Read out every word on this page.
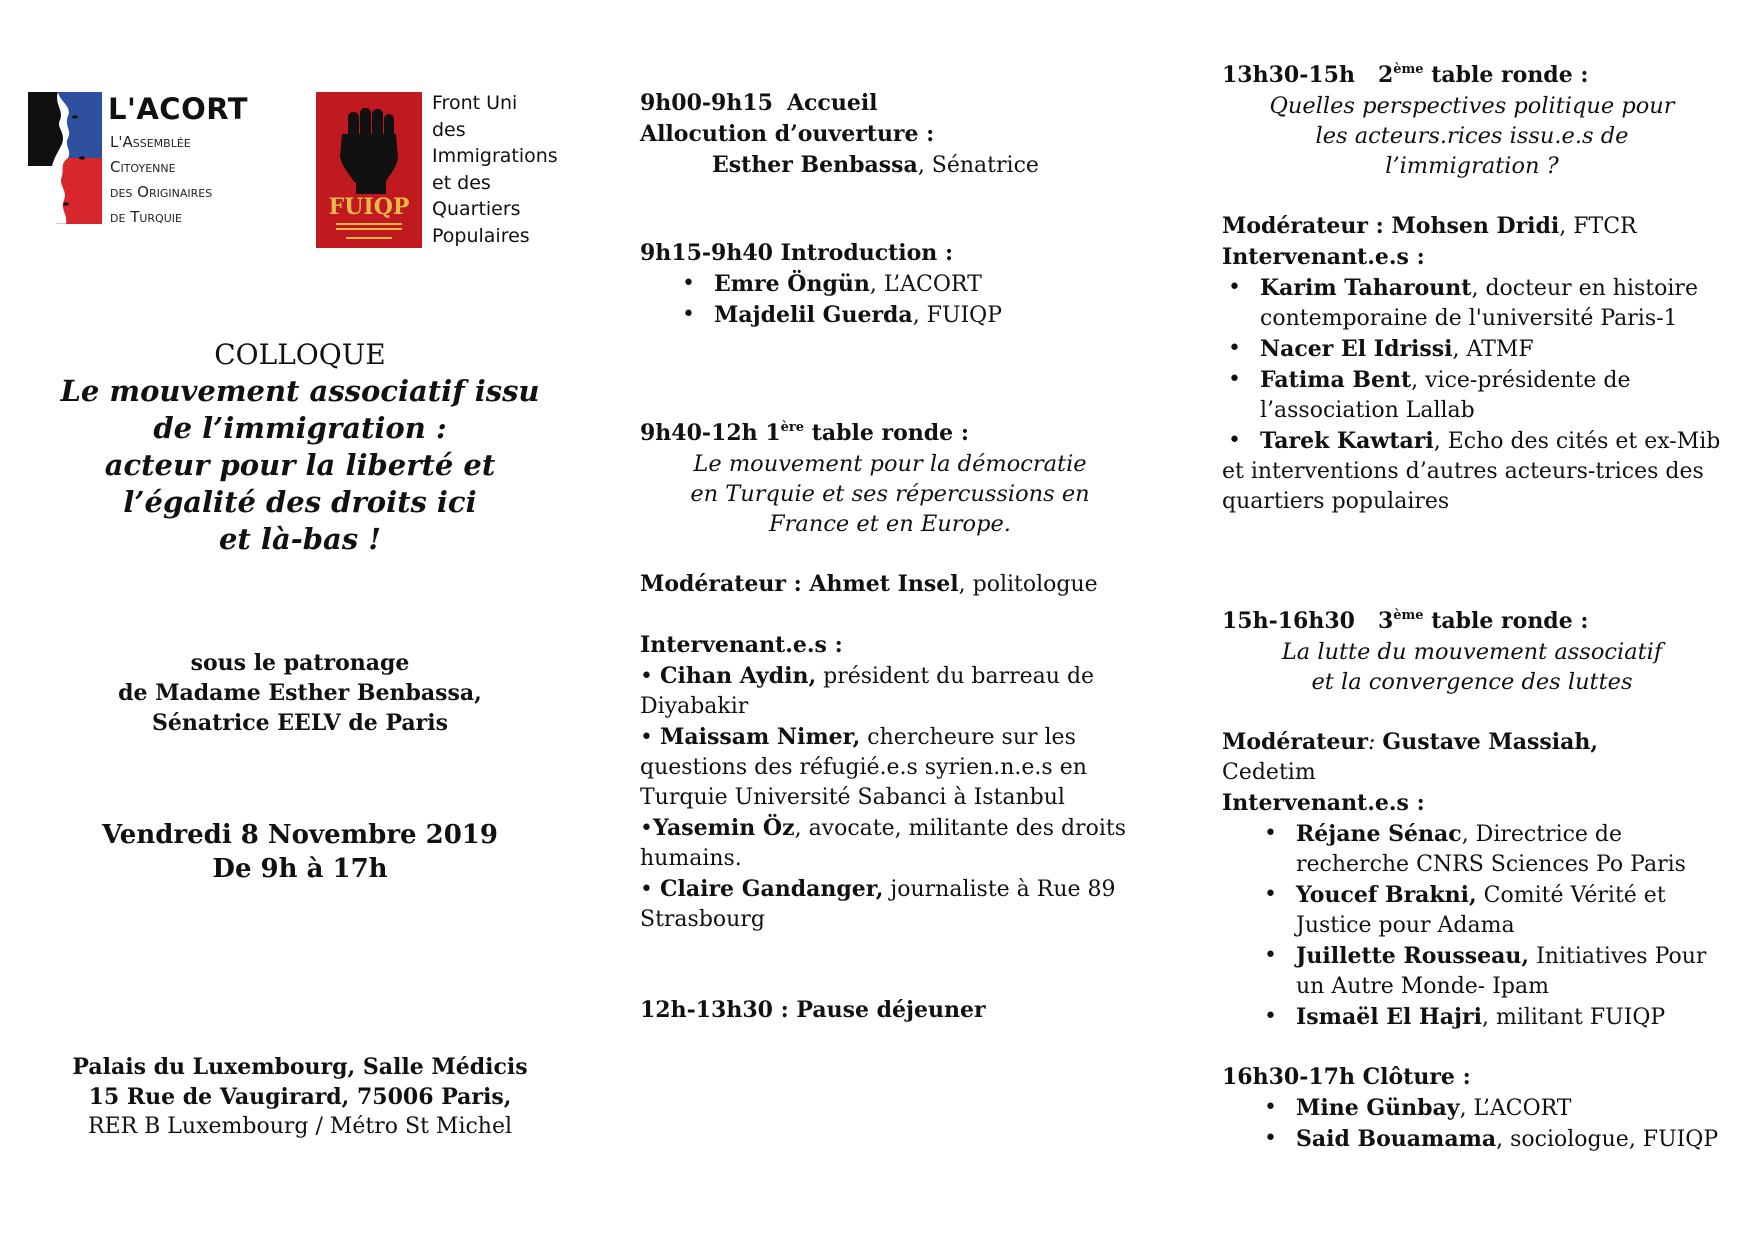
L'ACORT
L'Assemblée
Citoyenne
des Originaires
de Turquie	FUIQP
Front Uni
des
Immigrations
et des
Quartiers
Populaires
COLLOQUE
Le mouvement associatif issu
de l’immigration :
acteur pour la liberté et
l’égalité des droits ici
et là-bas !
sous le patronage
de Madame Esther Benbassa,
Sénatrice EELV de Paris
Vendredi 8 Novembre 2019
De 9h à 17h
Palais du Luxembourg, Salle Médicis
15 Rue de Vaugirard, 75006 Paris,
RER B Luxembourg / Métro St Michel
9h00-9h15 Accueil
Allocution d’ouverture :
Esther Benbassa, Sénatrice
9h15-9h40 Introduction :
• Emre Öngün, L’ACORT
• Majdelil Guerda, FUIQP
9h40-12h 1ère table ronde :
Le mouvement pour la démocratie
en Turquie et ses répercussions en
France et en Europe.
Modérateur : Ahmet Insel, politologue
Intervenant.e.s :
• Cihan Aydin, président du barreau de Diyabakir
• Maissam Nimer, chercheure sur les questions des réfugié.e.s syrien.n.e.s en Turquie Université Sabanci à Istanbul
•Yasemin Öz, avocate, militante des droits humains.
• Claire Gandanger, journaliste à Rue 89 Strasbourg
12h-13h30 : Pause déjeuner
13h30-15h 2ème table ronde :
Quelles perspectives politique pour
les acteurs.rices issu.e.s de
l’immigration ?
Modérateur : Mohsen Dridi, FTCR
Intervenant.e.s :
• Karim Taharount, docteur en histoire contemporaine de l'université Paris-1
• Nacer El Idrissi, ATMF
• Fatima Bent, vice-présidente de l’association Lallab
• Tarek Kawtari, Echo des cités et ex-Mib
et interventions d’autres acteurs-trices des quartiers populaires
15h-16h30 3ème table ronde :
La lutte du mouvement associatif
et la convergence des luttes
Modérateur: Gustave Massiah,
Cedetim
Intervenant.e.s :
• Réjane Sénac, Directrice de recherche CNRS Sciences Po Paris
• Youcef Brakni, Comité Vérité et Justice pour Adama
• Juillette Rousseau, Initiatives Pour un Autre Monde- Ipam
• Ismaël El Hajri, militant FUIQP
16h30-17h Clôture :
• Mine Günbay, L’ACORT
• Said Bouamama, sociologue, FUIQP
